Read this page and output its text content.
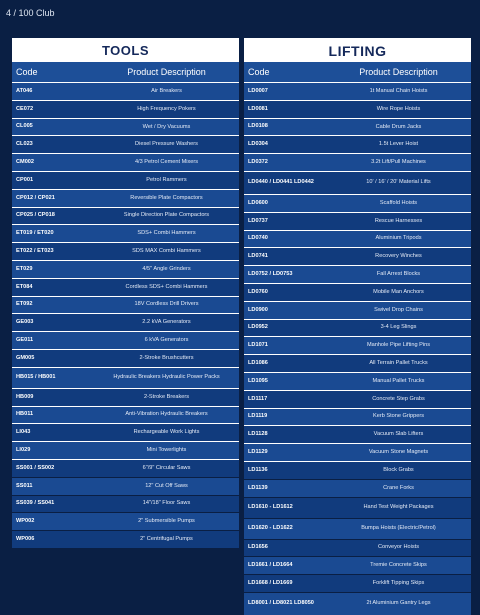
4 / 100 Club
TOOLS
Code	Product Description
AT046	Air Breakers
CE072	High Frequency Pokers
CL005	Wet / Dry Vacuums
CL023	Diesel Pressure Washers
CM002	4/3 Petrol Cement Mixers
CP001	Petrol Rammers
CP012 / CP021	Reversible Plate Compactors
CP025 / CP018	Single Direction Plate Compactors
ET019 / ET020	SDS+ Combi Hammers
ET022 / ET023	SDS MAX Combi Hammers
ET029	4/5" Angle Grinders
ET084	Cordless SDS+ Combi Hammers
ET092	18V Cordless Drill Drivers
GE003	2.2 kVA Generators
GE011	6 kVA Generators
GM005	2-Stroke Brushcutters
HB015 / HB001	Hydraulic Breakers Hydraulic Power Packs
HB009	2-Stroke Breakers
HB011	Anti-Vibration Hydraulic Breakers
LI043	Rechargeable Work Lights
LI029	Mini Towerlights
SS001 / SS002	6"/9" Circular Saws
SS011	12" Cut Off Saws
SS039 / SS041	14"/18" Floor Saws
WP002	2" Submersible Pumps
WP006	2" Centrifugal Pumps
LIFTING
Code	Product Description
LD0007	1t Manual Chain Hoists
LD0081	Wire Rope Hoists
LD0108	Cable Drum Jacks
LD0304	1.5t Lever Hoist
LD0372	3.2t Lift/Pull Machines
LD0440 / LD0441 LD0442	10' / 16' / 20' Material Lifts
LD0600	Scaffold Hoists
LD0737	Rescue Harnesses
LD0740	Aluminium Tripods
LD0741	Recovery Winches
LD0752 / LD0753	Fall Arrest Blocks
LD0760	Mobile Man Anchors
LD0900	Swivel Drop Chains
LD0952	3-4 Leg Slings
LD1071	Manhole Pipe Lifting Pins
LD1086	All Terrain Pallet Trucks
LD1095	Manual Pallet Trucks
LD1117	Concrete Step Grabs
LD1119	Kerb Stone Grippers
LD1128	Vacuum Slab Lifters
LD1129	Vacuum Stone Magnets
LD1136	Block Grabs
LD1139	Crane Forks
LD1610 - LD1612	Hand Test Weight Packages
LD1620 - LD1622	Bumpa Hoists (Electric/Petrol)
LD1656	Conveyor Hoists
LD1661 / LD1664	Tremie Concrete Skips
LD1668 / LD1669	Forklift Tipping Skips
LD8001 / LD8021 LD8050	2t Aluminium Gantry Legs
